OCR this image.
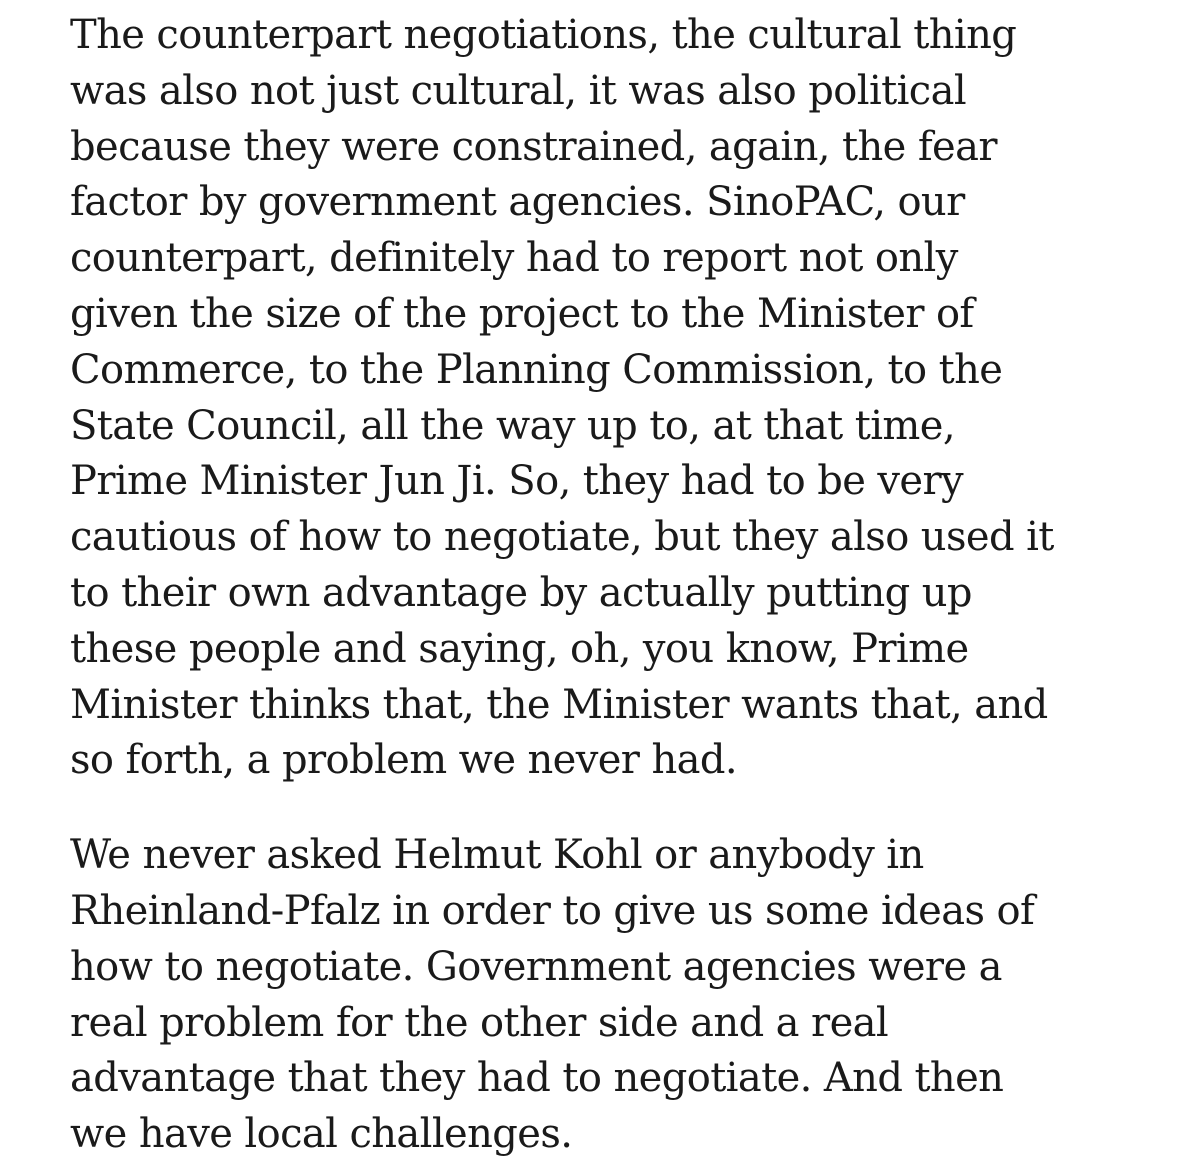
The counterpart negotiations, the cultural thing
was also not just cultural, it was also political
because they were constrained, again, the fear
factor by government agencies. SinoPAC, our
counterpart, definitely had to report not only
given the size of the project to the Minister of
Commerce, to the Planning Commission, to the
State Council, all the way up to, at that time,
Prime Minister Jun Ji. So, they had to be very
cautious of how to negotiate, but they also used it
to their own advantage by actually putting up
these people and saying, oh, you know, Prime
Minister thinks that, the Minister wants that, and
so forth, a problem we never had.

We never asked Helmut Kohl or anybody in
Rheinland-Pfalz in order to give us some ideas of
how to negotiate. Government agencies were a
real problem for the other side and a real
advantage that they had to negotiate. And then
we have local challenges.
